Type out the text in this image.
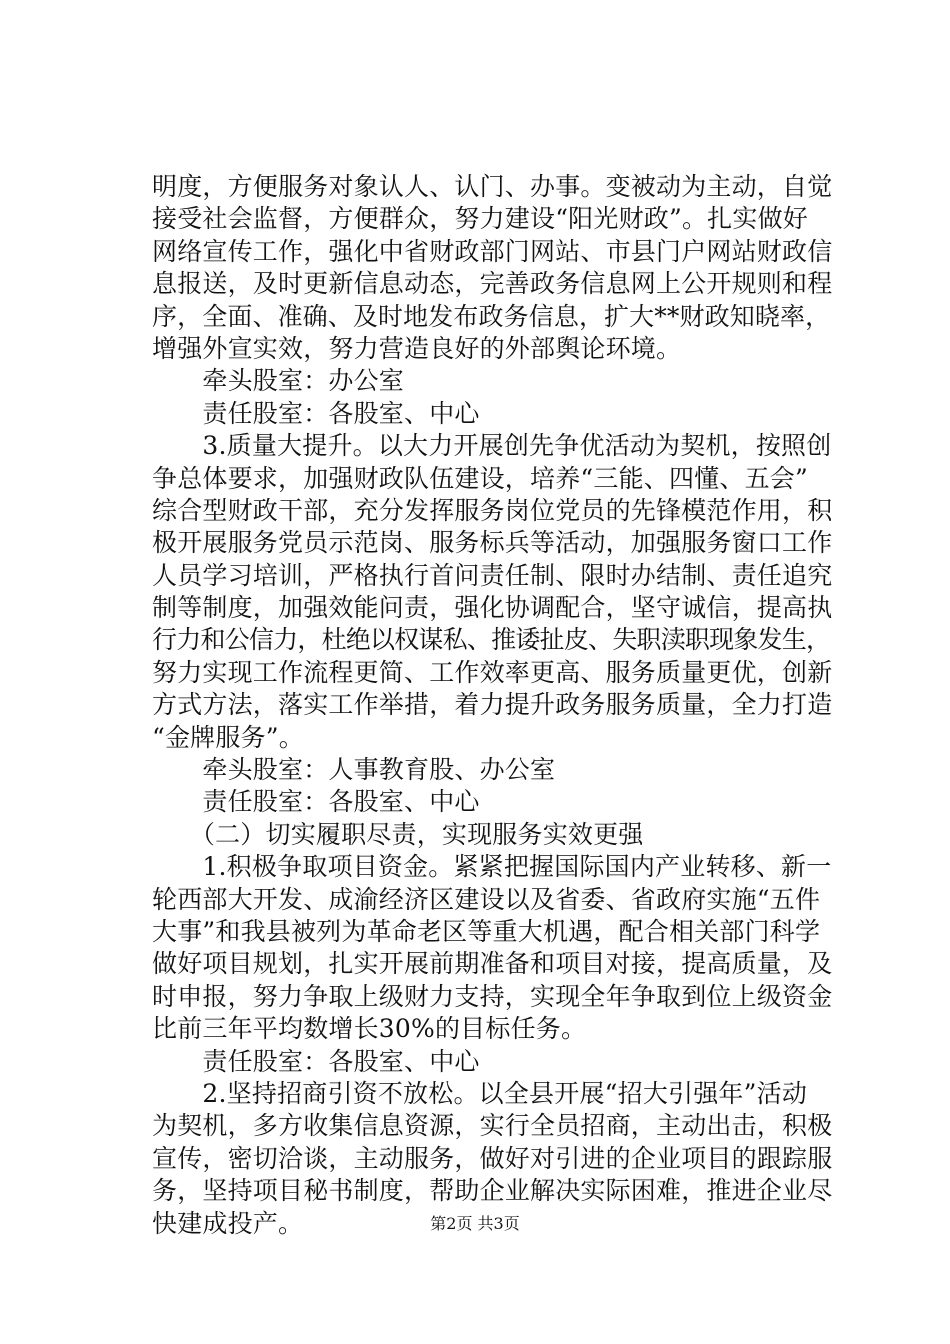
明度，方便服务对象认人、认门、办事。变被动为主动，自觉
接受社会监督，方便群众，努力建设“阳光财政”。扎实做好
网络宣传工作，强化中省财政部门网站、市县门户网站财政信
息报送，及时更新信息动态，完善政务信息网上公开规则和程
序，全面、准确、及时地发布政务信息，扩大**财政知晓率，
增强外宣实效，努力营造良好的外部舆论环境。
　　牵头股室：办公室
　　责任股室：各股室、中心
　　3.质量大提升。以大力开展创先争优活动为契机，按照创
争总体要求，加强财政队伍建设，培养“三能、四懂、五会”
综合型财政干部，充分发挥服务岗位党员的先锋模范作用，积
极开展服务党员示范岗、服务标兵等活动，加强服务窗口工作
人员学习培训，严格执行首问责任制、限时办结制、责任追究
制等制度，加强效能问责，强化协调配合，坚守诚信，提高执
行力和公信力，杜绝以权谋私、推诿扯皮、失职渎职现象发生，
努力实现工作流程更简、工作效率更高、服务质量更优，创新
方式方法，落实工作举措，着力提升政务服务质量，全力打造
“金牌服务”。
　　牵头股室：人事教育股、办公室
　　责任股室：各股室、中心
　　（二）切实履职尽责，实现服务实效更强
　　1.积极争取项目资金。紧紧把握国际国内产业转移、新一
轮西部大开发、成渝经济区建设以及省委、省政府实施“五件
大事”和我县被列为革命老区等重大机遇，配合相关部门科学
做好项目规划，扎实开展前期准备和项目对接，提高质量，及
时申报，努力争取上级财力支持，实现全年争取到位上级资金
比前三年平均数增长30%的目标任务。
　　责任股室：各股室、中心
　　2.坚持招商引资不放松。以全县开展“招大引强年”活动
为契机，多方收集信息资源，实行全员招商，主动出击，积极
宣传，密切洽谈，主动服务，做好对引进的企业项目的跟踪服
务，坚持项目秘书制度，帮助企业解决实际困难，推进企业尽
快建成投产。	第2页 共3页
